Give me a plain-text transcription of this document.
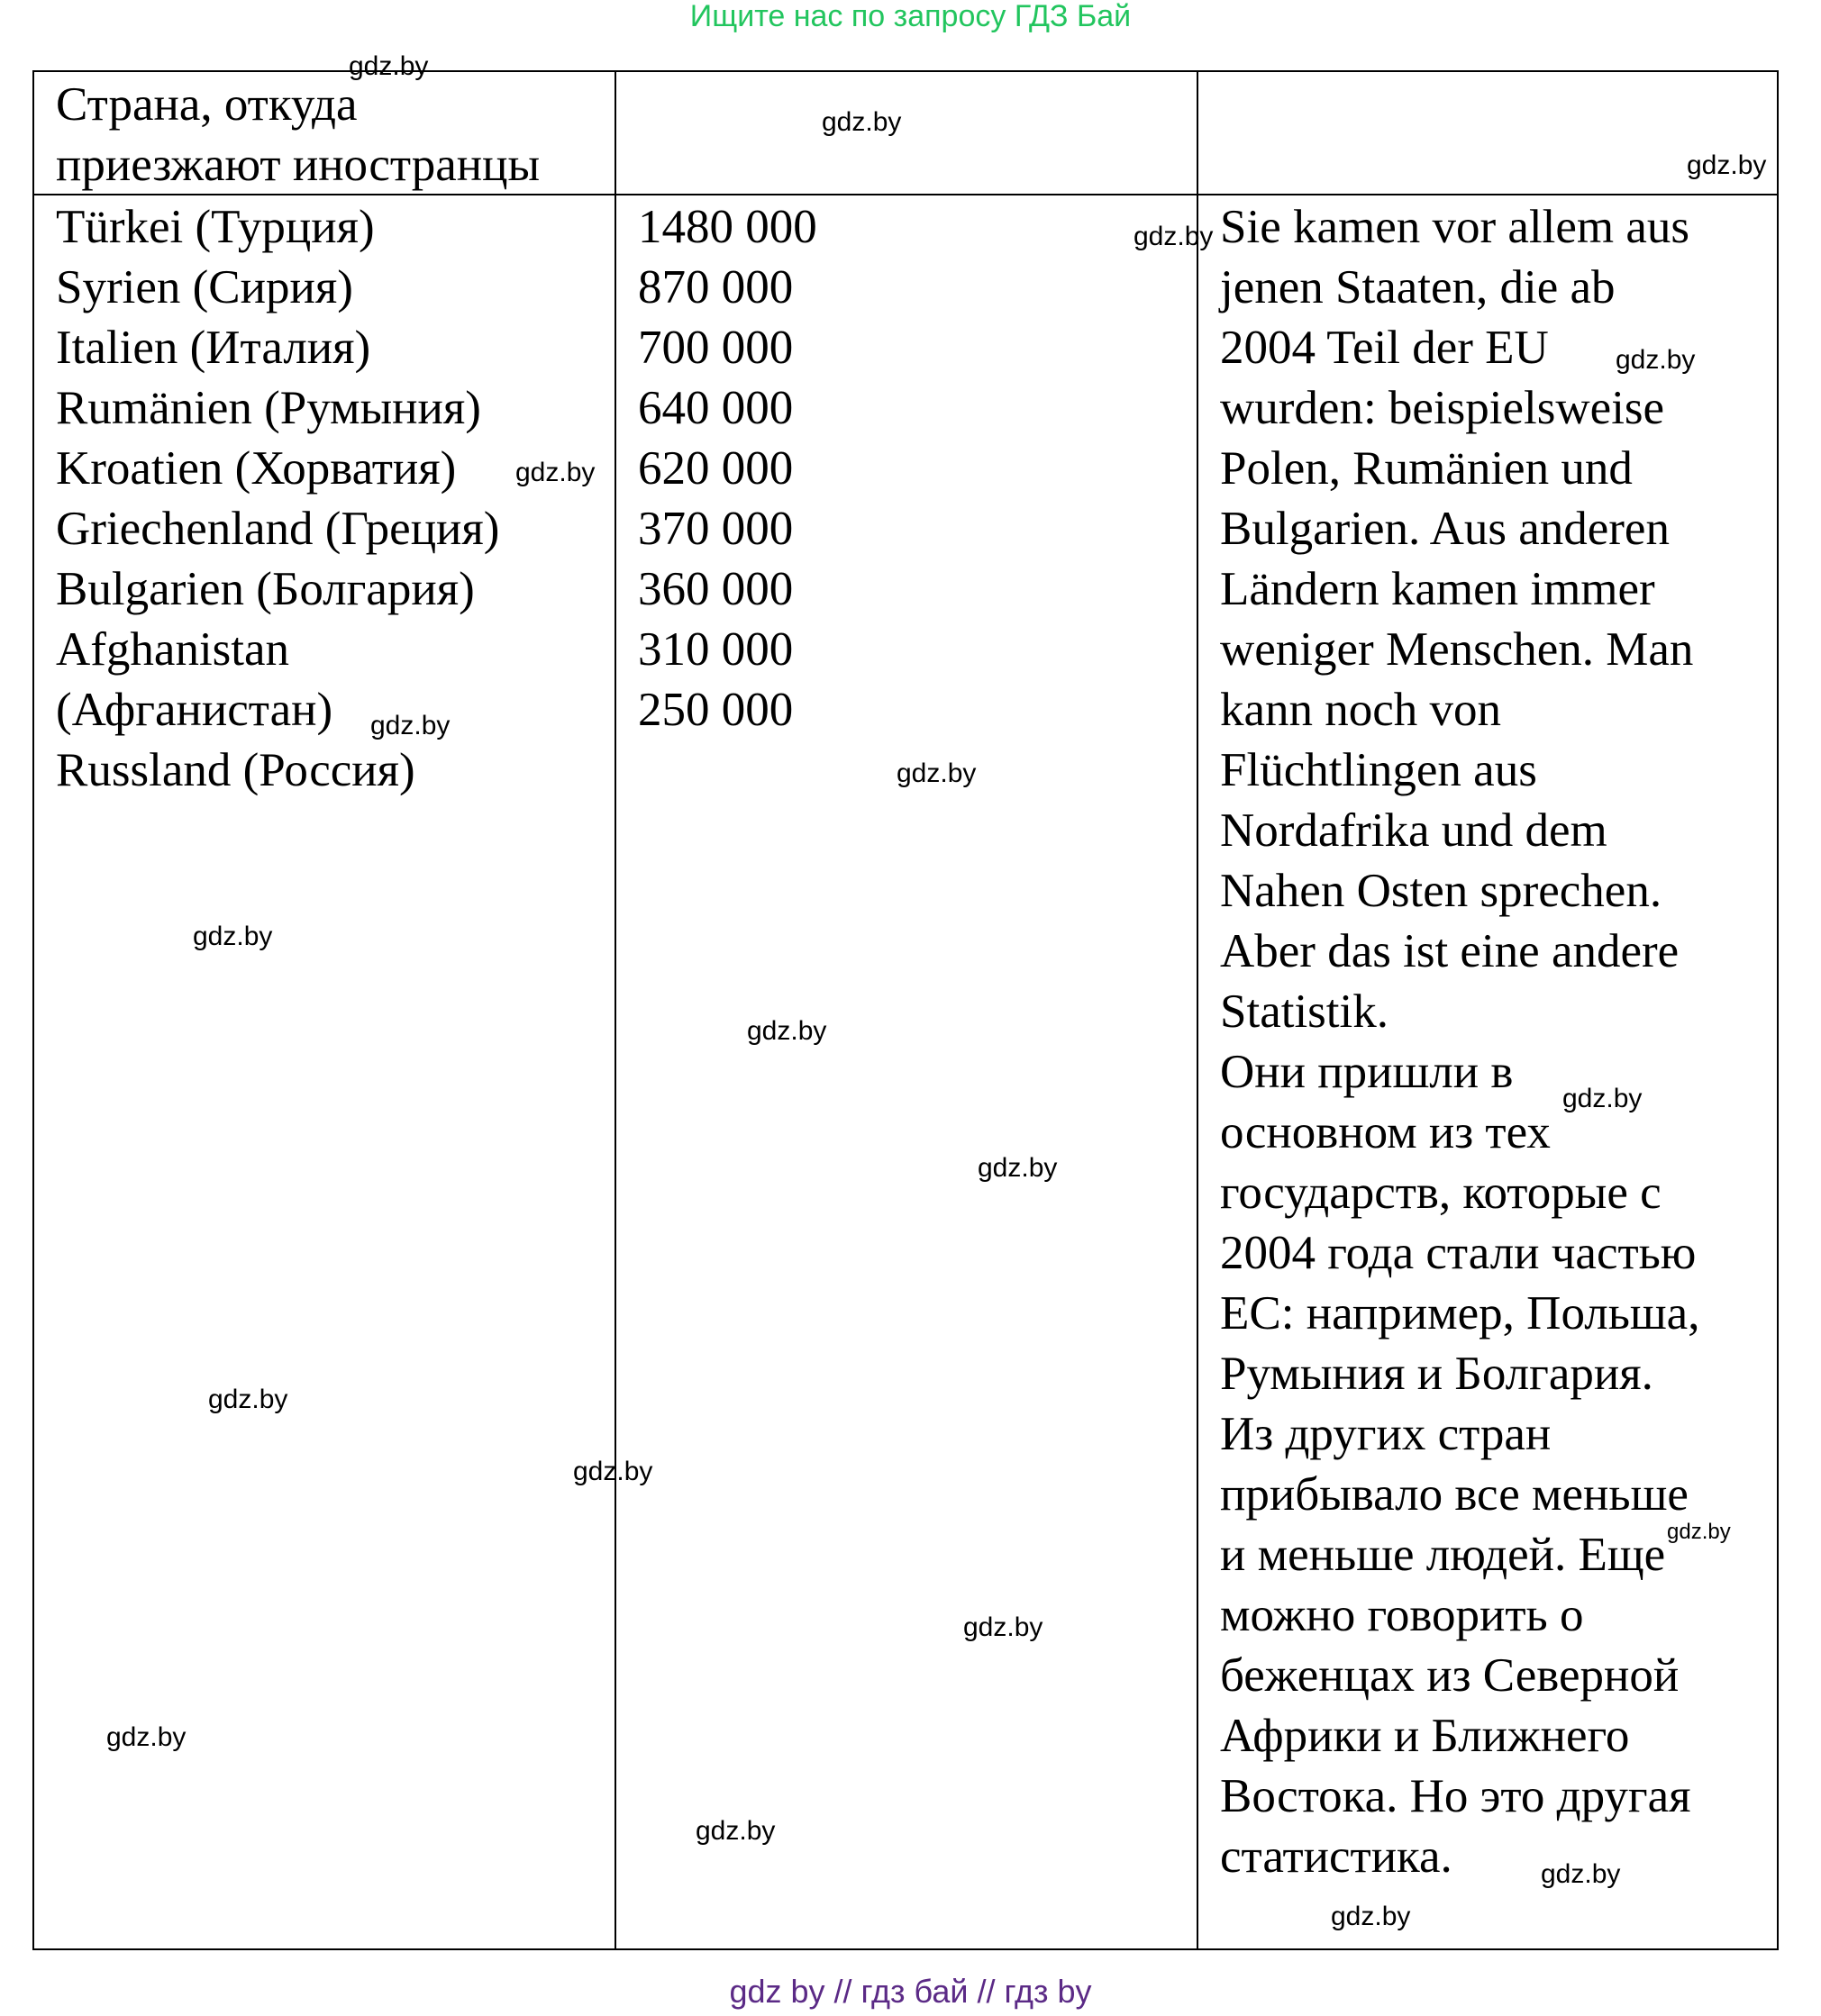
Ищите нас по запросу ГДЗ Бай
Страна, откуда
приезжают иностранцы
Türkei (Турция)
Syrien (Сирия)
Italien (Италия)
Rumänien (Румыния)
Kroatien (Хорватия)
Griechenland (Греция)
Bulgarien (Болгария)
Afghanistan
(Афганистан)
Russland (Россия)
1480 000
870 000
700 000
640 000
620 000
370 000
360 000
310 000
250 000
Sie kamen vor allem aus
jenen Staaten, die ab
2004 Teil der EU
wurden: beispielsweise
Polen, Rumänien und
Bulgarien. Aus anderen
Ländern kamen immer
weniger Menschen. Man
kann noch von
Flüchtlingen aus
Nordafrika und dem
Nahen Osten sprechen.
Aber das ist eine andere
Statistik.
Они пришли в
основном из тех
государств, которые с
2004 года стали частью
ЕС: например, Польша,
Румыния и Болгария.
Из других стран
прибывало все меньше
и меньше людей. Еще
можно говорить о
беженцах из Северной
Африки и Ближнего
Востока. Но это другая
статистика.
gdz.by
gdz.by
gdz.by
gdz.by
gdz.by
gdz.by
gdz.by
gdz.by
gdz.by
gdz.by
gdz.by
gdz.by
gdz.by
gdz.by
gdz.by
gdz.by
gdz.by
gdz.by
gdz.by
gdz.by
gdz by // гдз бай // гдз by
